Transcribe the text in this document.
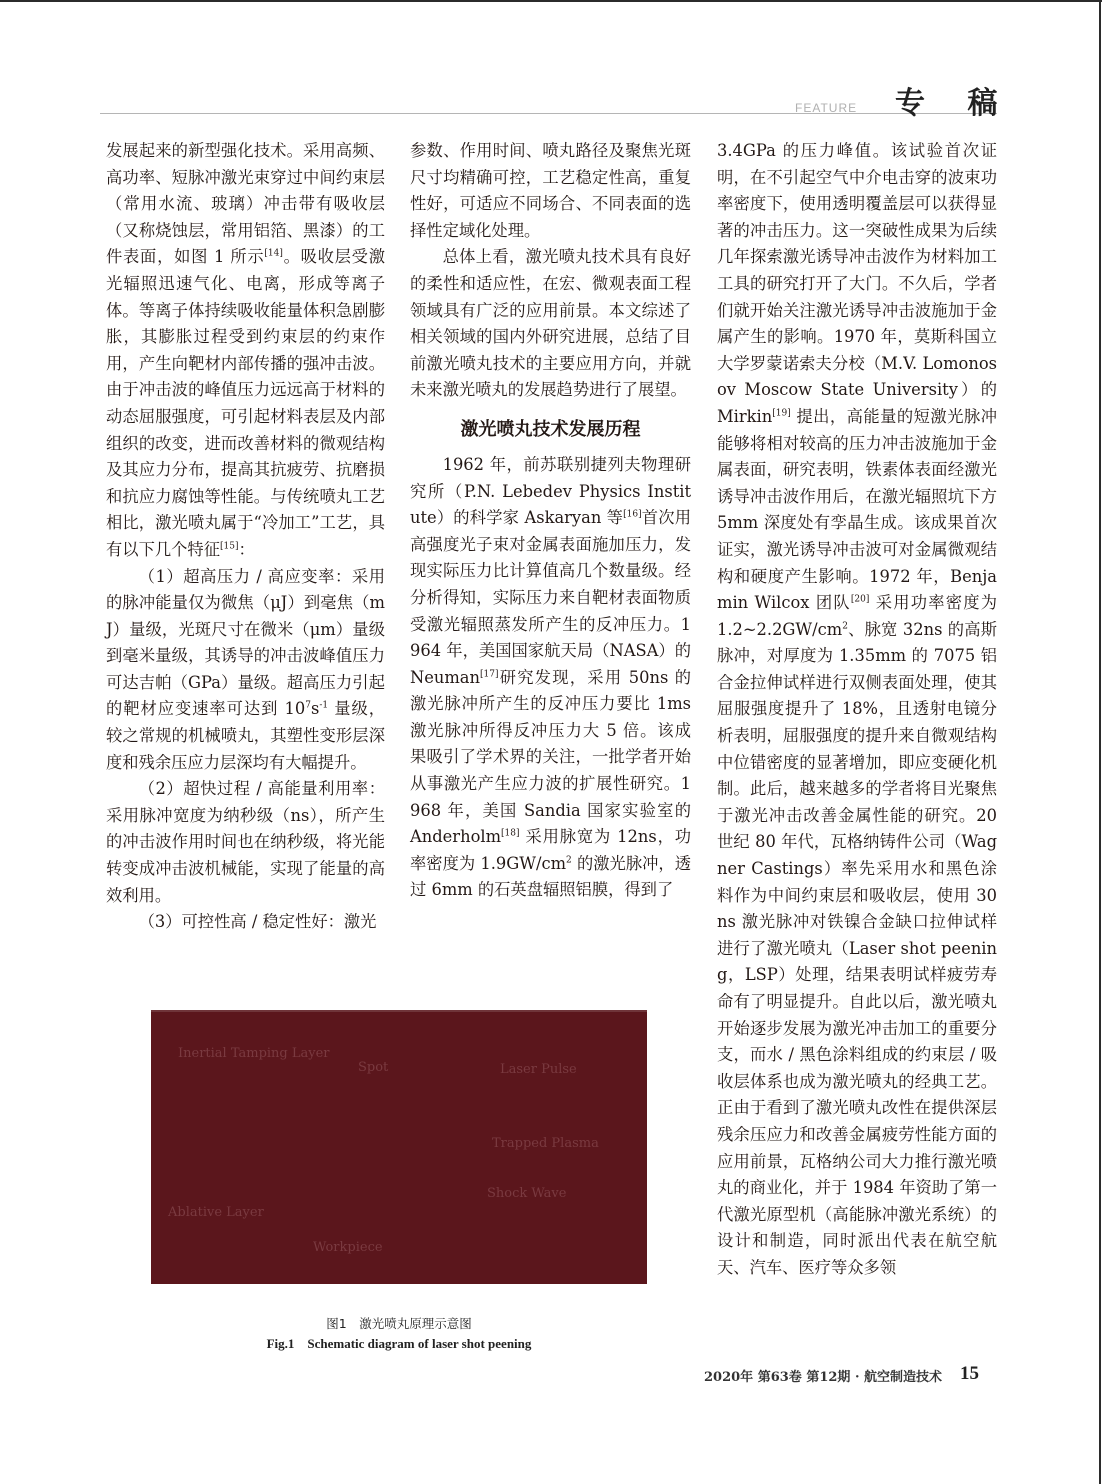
FEATURE 专 稿

发展起来的新型强化技术。采用高频、高功率、短脉冲激光束穿过中间约束层（常用水流、玻璃）冲击带有吸收层（又称烧蚀层，常用铝箔、黑漆）的工件表面，如图 1 所示[14]。吸收层受激光辐照迅速气化、电离，形成等离子体。等离子体持续吸收能量体积急剧膨胀，其膨胀过程受到约束层的约束作用，产生向靶材内部传播的强冲击波。由于冲击波的峰值压力远远高于材料的动态屈服强度，可引起材料表层及内部组织的改变，进而改善材料的微观结构及其应力分布，提高其抗疲劳、抗磨损和抗应力腐蚀等性能。与传统喷丸工艺相比，激光喷丸属于“冷加工”工艺，具有以下几个特征[15]：

（1）超高压力 / 高应变率：采用的脉冲能量仅为微焦（μJ）到毫焦（mJ）量级，光斑尺寸在微米（μm）量级到毫米量级，其诱导的冲击波峰值压力可达吉帕（GPa）量级。超高压力引起的靶材应变速率可达到 $10^7s^{-1}$ 量级，较之常规的机械喷丸，其塑性变形层深度和残余压应力层深均有大幅提升。

（2）超快过程 / 高能量利用率：采用脉冲宽度为纳秒级（ns），所产生的冲击波作用时间也在纳秒级，将光能转变成冲击波机械能，实现了能量的高效利用。

（3）可控性高 / 稳定性好：激光

参数、作用时间、喷丸路径及聚焦光斑尺寸均精确可控，工艺稳定性高，重复性好，可适应不同场合、不同表面的选择性定域化处理。

总体上看，激光喷丸技术具有良好的柔性和适应性，在宏、微观表面工程领域具有广泛的应用前景。本文综述了相关领域的国内外研究进展，总结了目前激光喷丸技术的主要应用方向，并就未来激光喷丸的发展趋势进行了展望。

激光喷丸技术发展历程

1962 年，前苏联别捷列夫物理研究所（P.N. Lebedev Physics Institute）的科学家 Askaryan 等[16]首次用高强度光子束对金属表面施加压力，发现实际压力比计算值高几个数量级。经分析得知，实际压力来自靶材表面物质受激光辐照蒸发所产生的反冲压力。1964 年，美国国家航天局（NASA）的 Neuman[17]研究发现，采用 50ns 的激光脉冲所产生的反冲压力要比 1ms 激光脉冲所得反冲压力大 5 倍。该成果吸引了学术界的关注，一批学者开始从事激光产生应力波的扩展性研究。1968 年，美国 Sandia 国家实验室的 Anderholm[18] 采用脉宽为 12ns，功率密度为 $1.9GW/cm^2$ 的激光脉冲，透过 6mm 的石英盘辐照铝膜，得到了

3.4GPa 的压力峰值。该试验首次证明，在不引起空气中介电击穿的波束功率密度下，使用透明覆盖层可以获得显著的冲击压力。这一突破性成果为后续几年探索激光诱导冲击波作为材料加工工具的研究打开了大门。不久后，学者们就开始关注激光诱导冲击波施加于金属产生的影响。1970 年，莫斯科国立大学罗蒙诺索夫分校（M.V. Lomonosov Moscow State University）的 Mirkin[19] 提出，高能量的短激光脉冲能够将相对较高的压力冲击波施加于金属表面，研究表明，铁素体表面经激光诱导冲击波作用后，在激光辐照坑下方 5mm 深度处有孪晶生成。该成果首次证实，激光诱导冲击波可对金属微观结构和硬度产生影响。1972 年，Benjamin Wilcox 团队[20] 采用功率密度为 $1.2\sim 2.2GW/cm^2$、脉宽 32ns 的高斯脉冲，对厚度为 1.35mm 的 7075 铝合金拉伸试样进行双侧表面处理，使其屈服强度提升了 18%，且透射电镜分析表明，屈服强度的提升来自微观结构中位错密度的显著增加，即应变硬化机制。此后，越来越多的学者将目光聚焦于激光冲击改善金属性能的研究。20 世纪 80 年代，瓦格纳铸件公司（Wagner Castings）率先采用水和黑色涂料作为中间约束层和吸收层，使用 30ns 激光脉冲对铁镍合金缺口拉伸试样进行了激光喷丸（Laser shot peening，LSP）处理，结果表明试样疲劳寿命有了明显提升。自此以后，激光喷丸开始逐步发展为激光冲击加工的重要分支，而水 / 黑色涂料组成的约束层 / 吸收层体系也成为激光喷丸的经典工艺。正由于看到了激光喷丸改性在提供深层残余压应力和改善金属疲劳性能方面的应用前景，瓦格纳公司大力推行激光喷丸的商业化，并于 1984 年资助了第一代激光原型机（高能脉冲激光系统）的设计和制造，同时派出代表在航空航天、汽车、医疗等众多领

Inertial Tamping Layer
Spot	Laser Pulse
Trapped Plasma
Shock Wave
Ablative Layer
Workpiece
图1　激光喷丸原理示意图
Fig.1　Schematic diagram of laser shot peening
2020年 第63卷 第12期 · 航空制造技术 15
